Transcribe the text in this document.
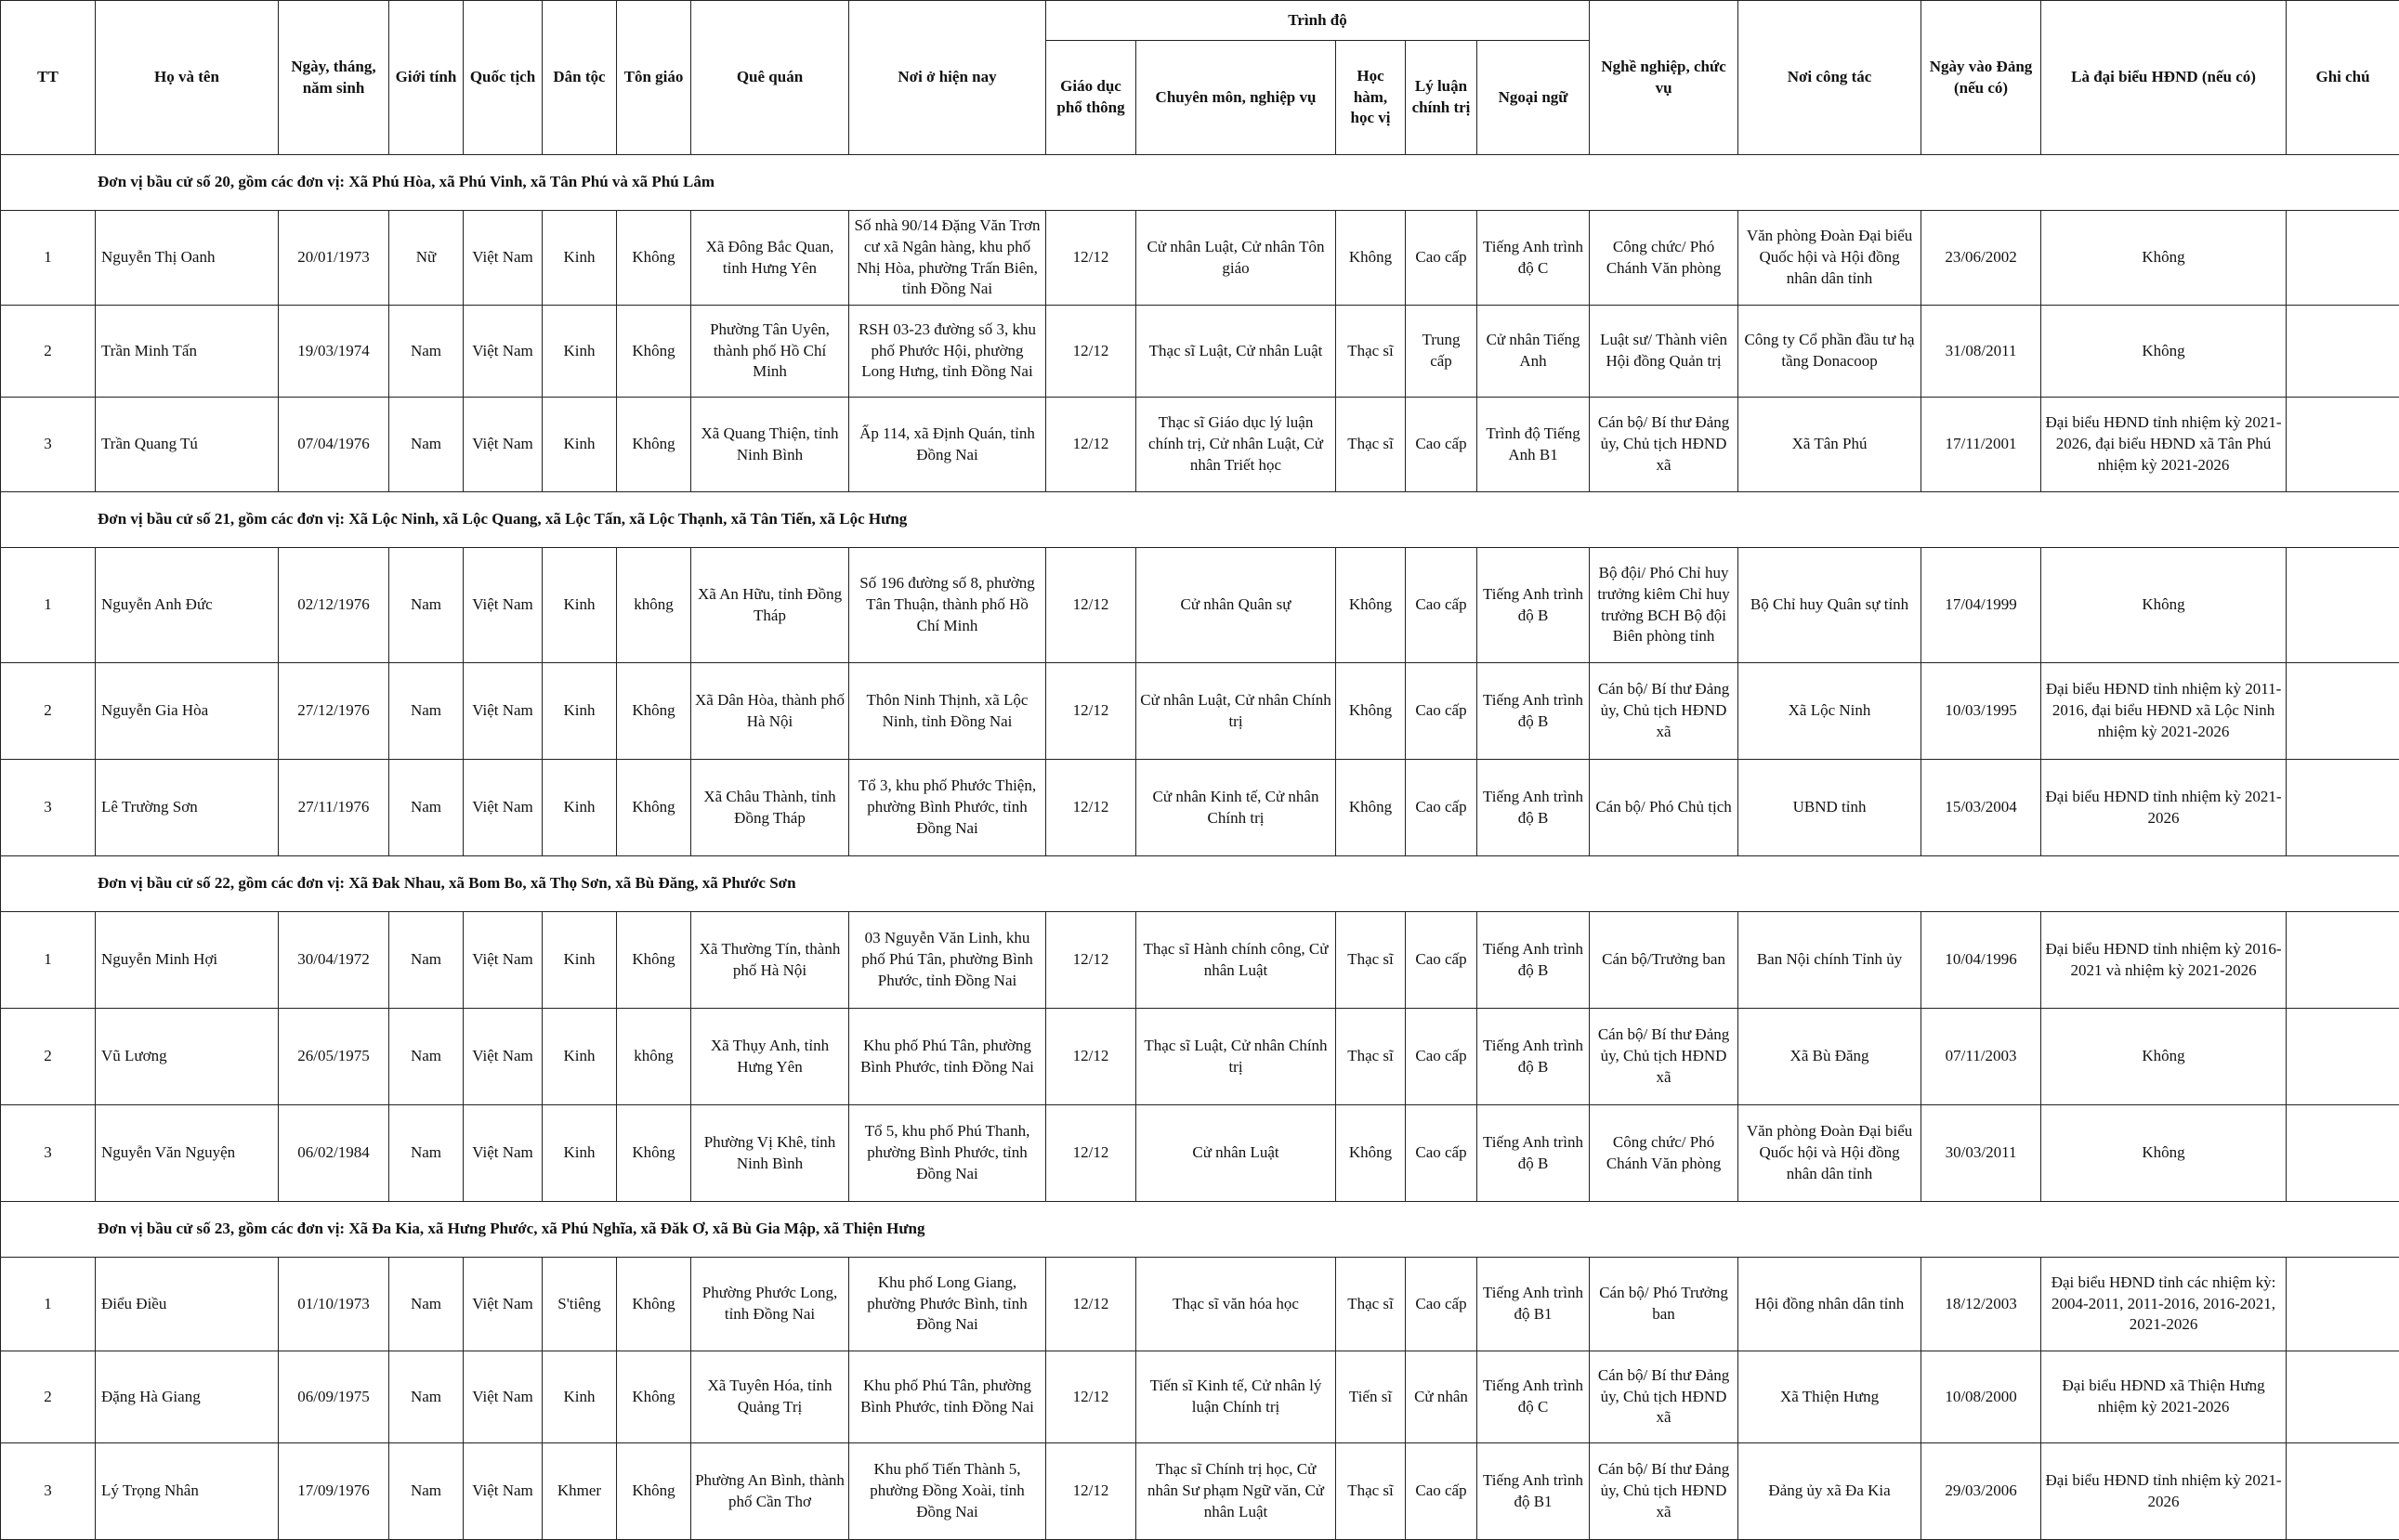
TT	Họ và tên	Ngày, tháng, năm sinh	Giới tính	Quốc tịch	Dân tộc	Tôn giáo	Quê quán	Nơi ở hiện nay	Trình độ					Nghề nghiệp, chức vụ	Nơi công tác	Ngày vào Đảng (nếu có)	Là đại biểu HĐND (nếu có)	Ghi chú
									Giáo dục phổ thông	Chuyên môn, nghiệp vụ	Học hàm, học vị	Lý luận chính trị	Ngoại ngữ					
Đơn vị bầu cử số 20, gồm các đơn vị: Xã Phú Hòa, xã Phú Vinh, xã Tân Phú và xã Phú Lâm																		
1	Nguyễn Thị Oanh	20/01/1973	Nữ	Việt Nam	Kinh	Không	Xã Đông Bắc Quan, tỉnh Hưng Yên	Số nhà 90/14 Đặng Văn Trơn cư xã Ngân hàng, khu phố Nhị Hòa, phường Trấn Biên, tỉnh Đồng Nai	12/12	Cử nhân Luật, Cử nhân Tôn giáo	Không	Cao cấp	Tiếng Anh trình độ C	Công chức/ Phó Chánh Văn phòng	Văn phòng Đoàn Đại biểu Quốc hội và Hội đồng nhân dân tỉnh	23/06/2002	Không	
2	Trần Minh Tấn	19/03/1974	Nam	Việt Nam	Kinh	Không	Phường Tân Uyên, thành phố Hồ Chí Minh	RSH 03-23 đường số 3, khu phố Phước Hội, phường Long Hưng, tỉnh Đồng Nai	12/12	Thạc sĩ Luật, Cử nhân Luật	Thạc sĩ	Trung cấp	Cử nhân Tiếng Anh	Luật sư/ Thành viên Hội đồng Quản trị	Công ty Cổ phần đầu tư hạ tầng Donacoop	31/08/2011	Không	
3	Trần Quang Tú	07/04/1976	Nam	Việt Nam	Kinh	Không	Xã Quang Thiện, tỉnh Ninh Bình	Ấp 114, xã Định Quán, tỉnh Đồng Nai	12/12	Thạc sĩ Giáo dục lý luận chính trị, Cử nhân Luật, Cử nhân Triết học	Thạc sĩ	Cao cấp	Trình độ Tiếng Anh B1	Cán bộ/ Bí thư Đảng ủy, Chủ tịch HĐND xã	Xã Tân Phú	17/11/2001	Đại biểu HĐND tỉnh nhiệm kỳ 2021-2026, đại biểu HĐND xã Tân Phú nhiệm kỳ 2021-2026	
Đơn vị bầu cử số 21, gồm các đơn vị: Xã Lộc Ninh, xã Lộc Quang, xã Lộc Tấn, xã Lộc Thạnh, xã Tân Tiến, xã Lộc Hưng																		
1	Nguyễn Anh Đức	02/12/1976	Nam	Việt Nam	Kinh	không	Xã An Hữu, tỉnh Đồng Tháp	Số 196 đường số 8, phường Tân Thuận, thành phố Hồ Chí Minh	12/12	Cử nhân Quân sự	Không	Cao cấp	Tiếng Anh trình độ B	Bộ đội/ Phó Chỉ huy trưởng kiêm Chỉ huy trưởng BCH Bộ đội Biên phòng tỉnh	Bộ Chỉ huy Quân sự tỉnh	17/04/1999	Không	
2	Nguyễn Gia Hòa	27/12/1976	Nam	Việt Nam	Kinh	Không	Xã Dân Hòa, thành phố Hà Nội	Thôn Ninh Thịnh, xã Lộc Ninh, tỉnh Đồng Nai	12/12	Cử nhân Luật, Cử nhân Chính trị	Không	Cao cấp	Tiếng Anh trình độ B	Cán bộ/ Bí thư Đảng ủy, Chủ tịch HĐND xã	Xã Lộc Ninh	10/03/1995	Đại biểu HĐND tỉnh nhiệm kỳ 2011-2016, đại biểu HĐND xã Lộc Ninh nhiệm kỳ 2021-2026	
3	Lê Trường Sơn	27/11/1976	Nam	Việt Nam	Kinh	Không	Xã Châu Thành, tỉnh Đồng Tháp	Tổ 3, khu phố Phước Thiện, phường Bình Phước, tỉnh Đồng Nai	12/12	Cử nhân Kinh tế, Cử nhân Chính trị	Không	Cao cấp	Tiếng Anh trình độ B	Cán bộ/ Phó Chủ tịch	UBND tỉnh	15/03/2004	Đại biểu HĐND tỉnh nhiệm kỳ 2021-2026	
Đơn vị bầu cử số 22, gồm các đơn vị: Xã Đak Nhau, xã Bom Bo, xã Thọ Sơn, xã Bù Đăng, xã Phước Sơn																		
1	Nguyễn Minh Hợi	30/04/1972	Nam	Việt Nam	Kinh	Không	Xã Thường Tín, thành phố Hà Nội	03 Nguyễn Văn Linh, khu phố Phú Tân, phường Bình Phước, tỉnh Đồng Nai	12/12	Thạc sĩ Hành chính công, Cử nhân Luật	Thạc sĩ	Cao cấp	Tiếng Anh trình độ B	Cán bộ/Trưởng ban	Ban Nội chính Tỉnh ủy	10/04/1996	Đại biểu HĐND tỉnh nhiệm kỳ 2016-2021 và nhiệm kỳ 2021-2026	
2	Vũ Lương	26/05/1975	Nam	Việt Nam	Kinh	không	Xã Thụy Anh, tỉnh Hưng Yên	Khu phố Phú Tân, phường Bình Phước, tỉnh Đồng Nai	12/12	Thạc sĩ Luật, Cử nhân Chính trị	Thạc sĩ	Cao cấp	Tiếng Anh trình độ B	Cán bộ/ Bí thư Đảng ủy, Chủ tịch HĐND xã	Xã Bù Đăng	07/11/2003	Không	
3	Nguyễn Văn Nguyện	06/02/1984	Nam	Việt Nam	Kinh	Không	Phường Vị Khê, tỉnh Ninh Bình	Tổ 5, khu phố Phú Thanh, phường Bình Phước, tỉnh Đồng Nai	12/12	Cử nhân Luật	Không	Cao cấp	Tiếng Anh trình độ B	Công chức/ Phó Chánh Văn phòng	Văn phòng Đoàn Đại biểu Quốc hội và Hội đồng nhân dân tỉnh	30/03/2011	Không	
Đơn vị bầu cử số 23, gồm các đơn vị: Xã Đa Kia, xã Hưng Phước, xã Phú Nghĩa, xã Đăk Ơ, xã Bù Gia Mập, xã Thiện Hưng																		
1	Điểu Điều	01/10/1973	Nam	Việt Nam	S'tiêng	Không	Phường Phước Long, tỉnh Đồng Nai	Khu phố Long Giang, phường Phước Bình, tỉnh Đồng Nai	12/12	Thạc sĩ văn hóa học	Thạc sĩ	Cao cấp	Tiếng Anh trình độ B1	Cán bộ/ Phó Trưởng ban	Hội đồng nhân dân tỉnh	18/12/2003	Đại biểu HĐND tỉnh các nhiệm kỳ: 2004-2011, 2011-2016, 2016-2021, 2021-2026	
2	Đặng Hà Giang	06/09/1975	Nam	Việt Nam	Kinh	Không	Xã Tuyên Hóa, tỉnh Quảng Trị	Khu phố Phú Tân, phường Bình Phước, tỉnh Đồng Nai	12/12	Tiến sĩ Kinh tế, Cử nhân lý luận Chính trị	Tiến sĩ	Cử nhân	Tiếng Anh trình độ C	Cán bộ/ Bí thư Đảng ủy, Chủ tịch HĐND xã	Xã Thiện Hưng	10/08/2000	Đại biểu HĐND xã Thiện Hưng nhiệm kỳ 2021-2026	
3	Lý Trọng Nhân	17/09/1976	Nam	Việt Nam	Khmer	Không	Phường An Bình, thành phố Cần Thơ	Khu phố Tiến Thành 5, phường Đồng Xoài, tỉnh Đồng Nai	12/12	Thạc sĩ Chính trị học, Cử nhân Sư phạm Ngữ văn, Cử nhân Luật	Thạc sĩ	Cao cấp	Tiếng Anh trình độ B1	Cán bộ/ Bí thư Đảng ủy, Chủ tịch HĐND xã	Đảng ủy xã Đa Kia	29/03/2006	Đại biểu HĐND tỉnh nhiệm kỳ 2021-2026	
